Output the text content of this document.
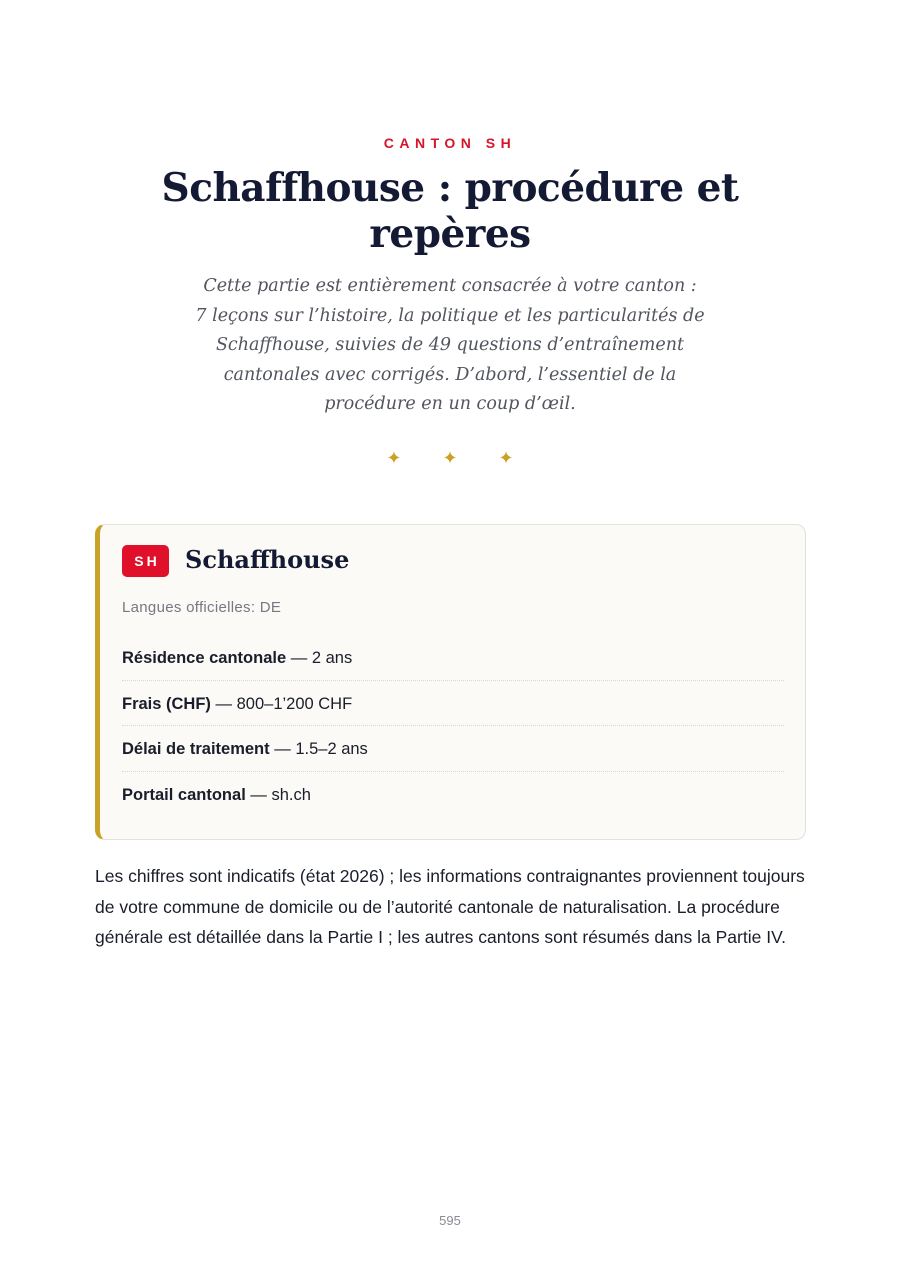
CANTON SH
Schaffhouse : procédure et repères

Cette partie est entièrement consacrée à votre canton : 7 leçons sur l’histoire, la politique et les particularités de Schaffhouse, suivies de 49 questions d’entraînement cantonales avec corrigés. D’abord, l’essentiel de la procédure en un coup d’œil.

✦ ✦ ✦
SH	Schaffhouse
Langues officielles: DE
Résidence cantonale — 2 ans
Frais (CHF) — 800–1’200 CHF
Délai de traitement — 1.5–2 ans
Portail cantonal — sh.ch

Les chiffres sont indicatifs (état 2026) ; les informations contraignantes proviennent toujours de votre commune de domicile ou de l’autorité cantonale de naturalisation. La procédure générale est détaillée dans la Partie I ; les autres cantons sont résumés dans la Partie IV.

595
